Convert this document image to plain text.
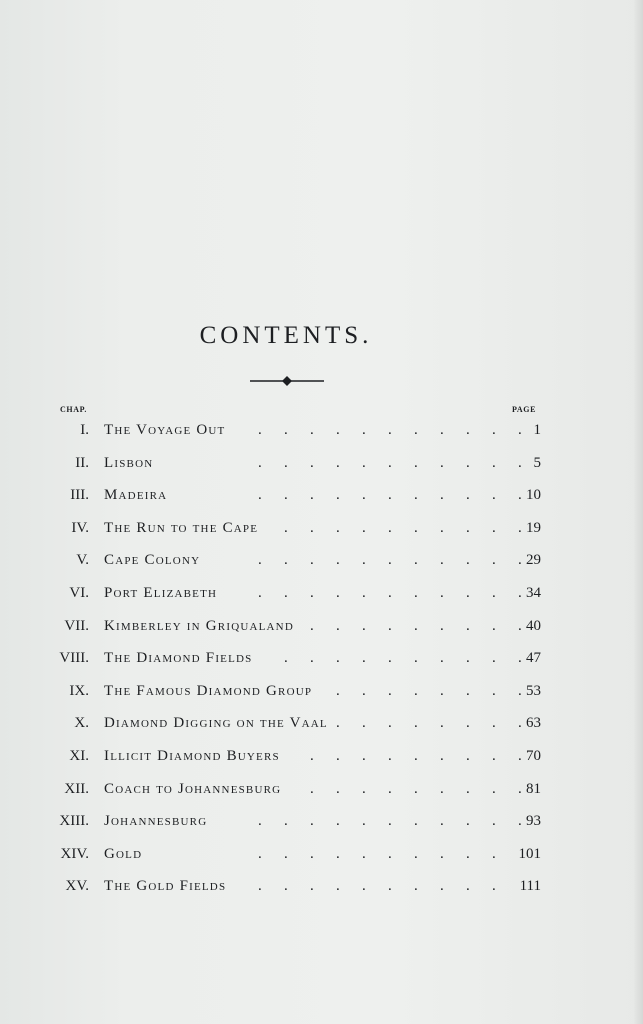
CONTENTS.
CHAP.	PAGE
I. The Voyage Out . . . . . . . . . . . 1
II. Lisbon	. . . . . . . . . . . 5
III. Madeira	. . . . . . . . . . . 10
IV. The Run to the Cape . . . . . . . . . . 19
V. Cape Colony	. . . . . . . . . . . 29
VI. Port Elizabeth	. . . . . . . . . . . 34
VII. Kimberley in Griqualand . . . . . . . . . 40
VIII. The Diamond Fields . . . . . . . . . . 47
IX. The Famous Diamond Group . . . . . . . . 53
X. Diamond Digging on the Vaal . . . . . . . . 63
XI. Illicit Diamond Buyers . . . . . . . . . 70
XII. Coach to Johannesburg . . . . . . . . . 81
XIII. Johannesburg	. . . . . . . . . . . 93
XIV. Gold	. . . . . . . . . . 101
XV. The Gold Fields . . . . . . . . . . 111
